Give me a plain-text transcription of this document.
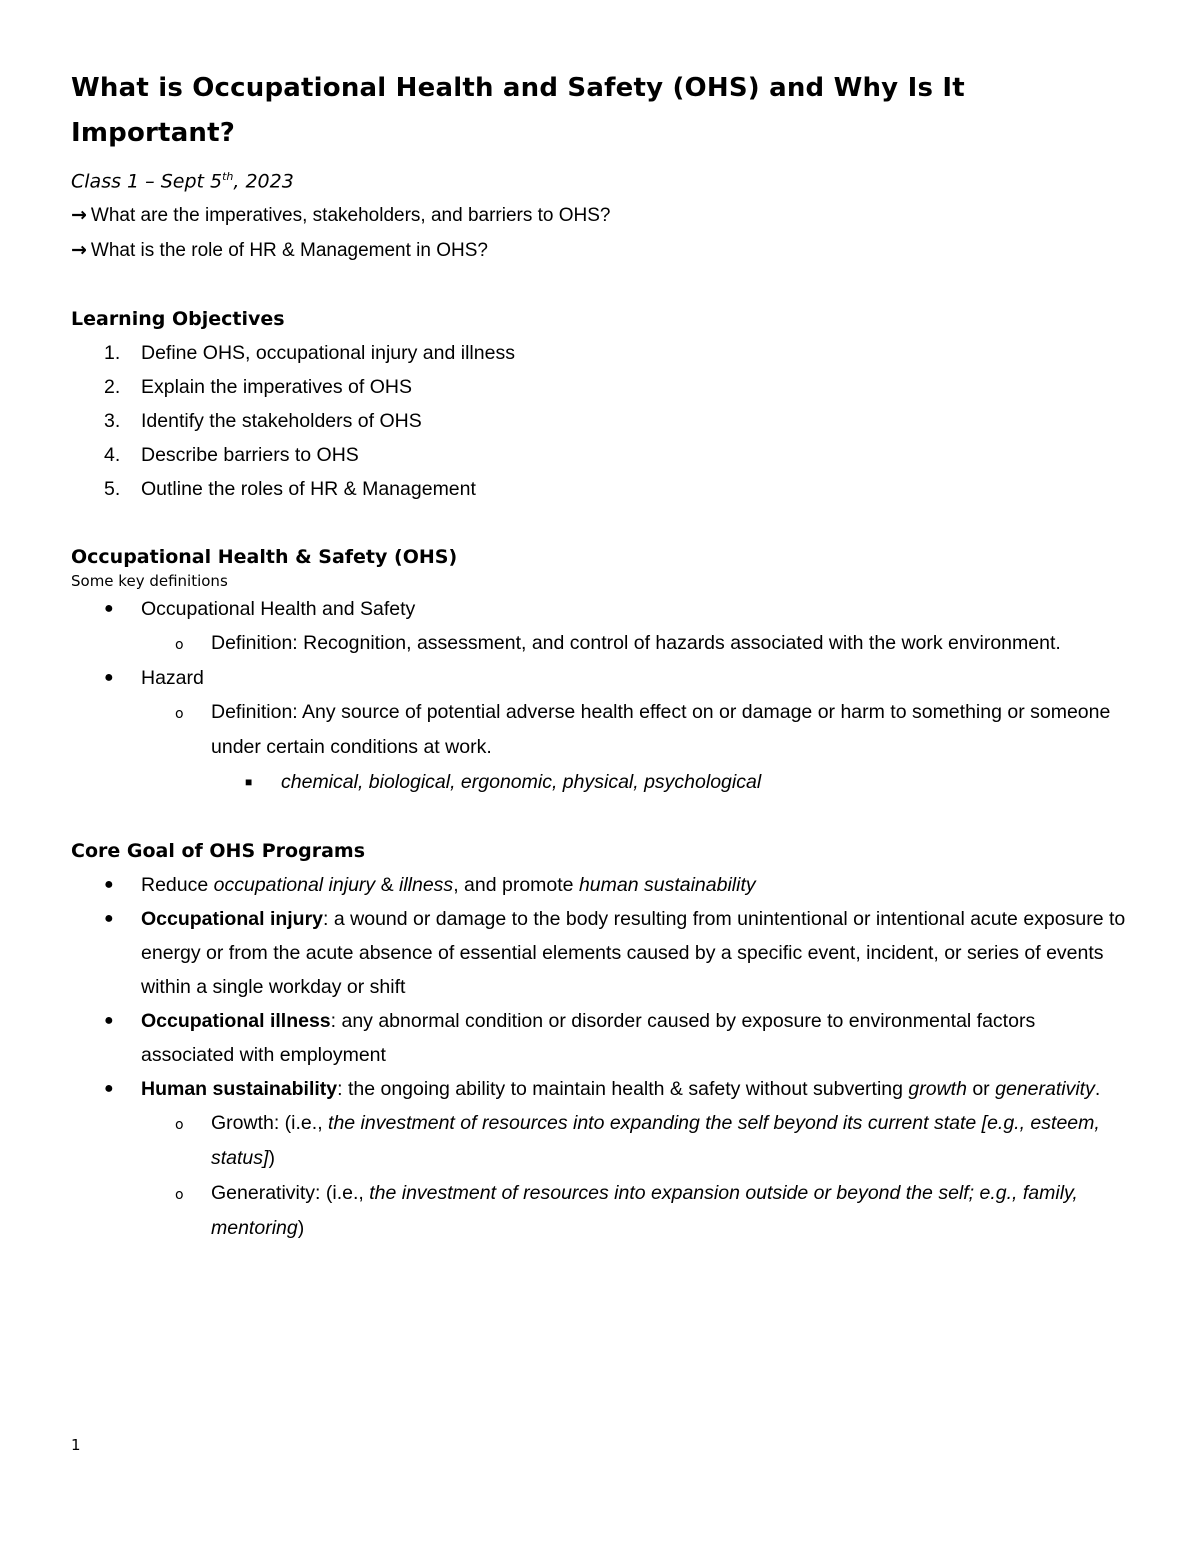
What is Occupational Health and Safety (OHS) and Why Is It Important?
Class 1 – Sept 5th, 2023
→ What are the imperatives, stakeholders, and barriers to OHS?
→ What is the role of HR & Management in OHS?
Learning Objectives
1.	Define OHS, occupational injury and illness
2.	Explain the imperatives of OHS
3.	Identify the stakeholders of OHS
4.	Describe barriers to OHS
5.	Outline the roles of HR & Management
Occupational Health & Safety (OHS)
Some key definitions
● Occupational Health and Safety
o Definition: Recognition, assessment, and control of hazards associated with the work environment.
● Hazard
o Definition: Any source of potential adverse health effect on or damage or harm to something or someone under certain conditions at work.
■ chemical, biological, ergonomic, physical, psychological
Core Goal of OHS Programs
● Reduce occupational injury & illness, and promote human sustainability
● Occupational injury: a wound or damage to the body resulting from unintentional or intentional acute exposure to energy or from the acute absence of essential elements caused by a specific event, incident, or series of events within a single workday or shift
● Occupational illness: any abnormal condition or disorder caused by exposure to environmental factors associated with employment
● Human sustainability: the ongoing ability to maintain health & safety without subverting growth or generativity.
o Growth: (i.e., the investment of resources into expanding the self beyond its current state [e.g., esteem, status])
o Generativity: (i.e., the investment of resources into expansion outside or beyond the self; e.g., family, mentoring)
1
